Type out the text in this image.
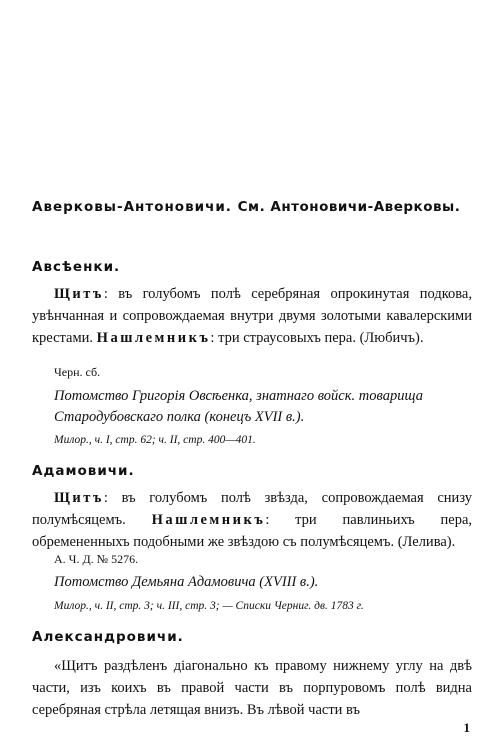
Аверковы-Антоновичи. См. Антоновичи-Аверковы.
Авсѣенки.

Щитъ: въ голубомъ полѣ серебряная опрокинутая подкова, увѣнчанная и сопровождаемая внутри двумя золотыми кавалерскими крестами. Нашлемникъ: три страусовыхъ пера. (Любичъ).

Черн. сб.

Потомство Григорія Овсѣенка, знатнаго войск. товарища Стародубовскаго полка (конецъ XVII в.).

Милор., ч. I, стр. 62; ч. II, стр. 400—401.

Адамовичи.

Щитъ: въ голубомъ полѣ звѣзда, сопровождаемая снизу полумѣсяцемъ. Нашлемникъ: три павлиньихъ пера, обремененныхъ подобными же звѣздою съ полумѣсяцемъ. (Лелива).

А. Ч. Д. № 5276.

Потомство Демьяна Адамовича (XVIII в.).

Милор., ч. II, стр. 3; ч. III, стр. 3; — Списки Черниг. дв. 1783 г.

Александровичи.

«Щитъ раздѣленъ діагонально къ правому нижнему углу на двѣ части, изъ коихъ въ правой части въ порпуровомъ полѣ видна серебряная стрѣла летящая внизъ. Въ лѣвой части въ

1
